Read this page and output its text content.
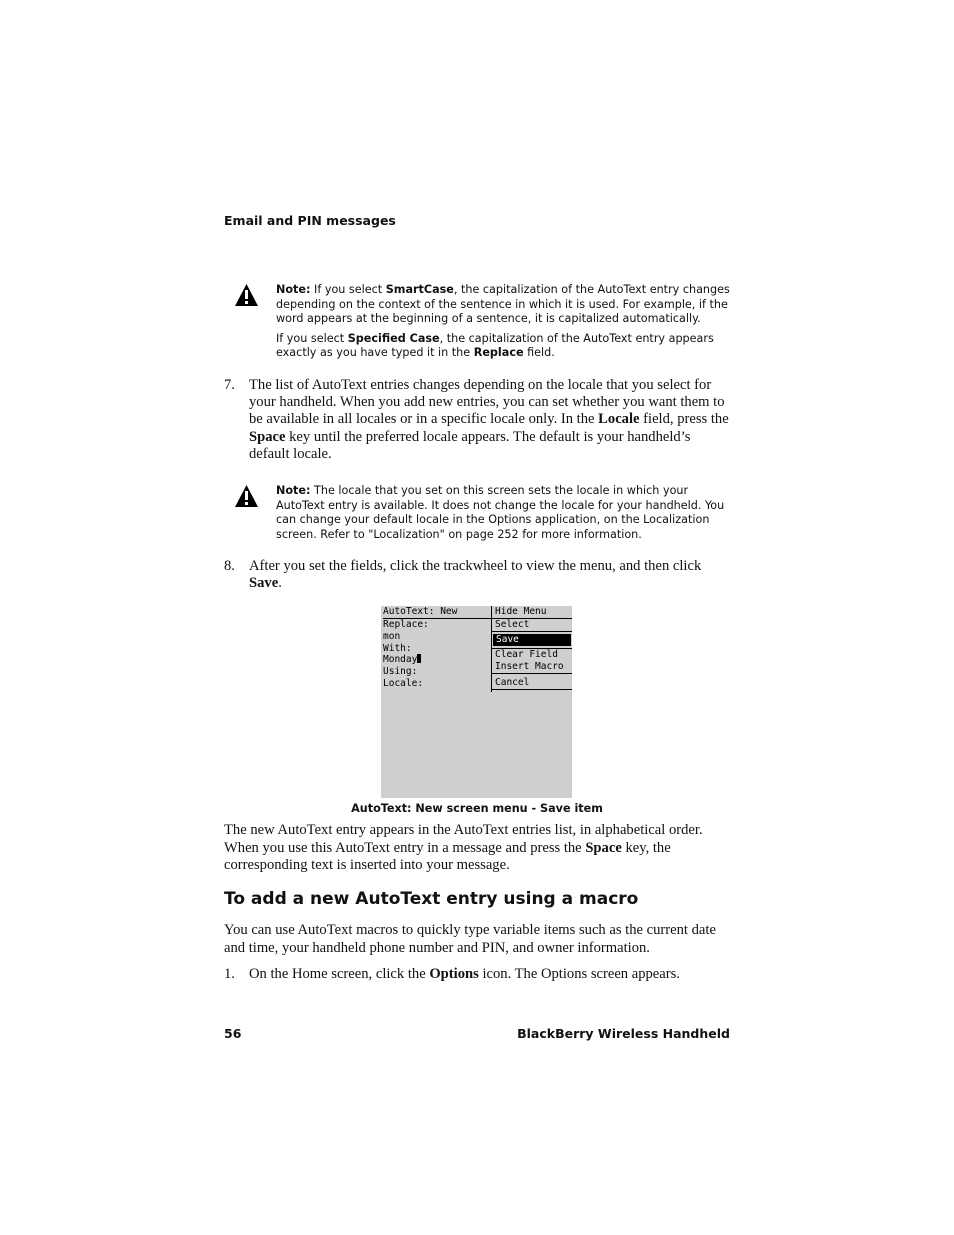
Email and PIN messages

Note: If you select SmartCase, the capitalization of the AutoText entry changes depending on the context of the sentence in which it is used. For example, if the word appears at the beginning of a sentence, it is capitalized automatically.

If you select Specified Case, the capitalization of the AutoText entry appears exactly as you have typed it in the Replace field.

7. The list of AutoText entries changes depending on the locale that you select for your handheld. When you add new entries, you can set whether you want them to be available in all locales or in a specific locale only. In the Locale field, press the Space key until the preferred locale appears. The default is your handheld’s default locale.

Note: The locale that you set on this screen sets the locale in which your AutoText entry is available. It does not change the locale for your handheld. You can change your default locale in the Options application, on the Localization screen. Refer to "Localization" on page 252 for more information.

8. After you set the fields, click the trackwheel to view the menu, and then click Save.
AutoText: New
Replace:
mon
With:
Monday
Using:
Locale:
Hide Menu
Select
Save
Clear Field
Insert Macro
Cancel
AutoText: New screen menu - Save item
The new AutoText entry appears in the AutoText entries list, in alphabetical order. When you use this AutoText entry in a message and press the Space key, the corresponding text is inserted into your message.
To add a new AutoText entry using a macro
You can use AutoText macros to quickly type variable items such as the current date and time, your handheld phone number and PIN, and owner information.
1. On the Home screen, click the Options icon. The Options screen appears.
56	BlackBerry Wireless Handheld
